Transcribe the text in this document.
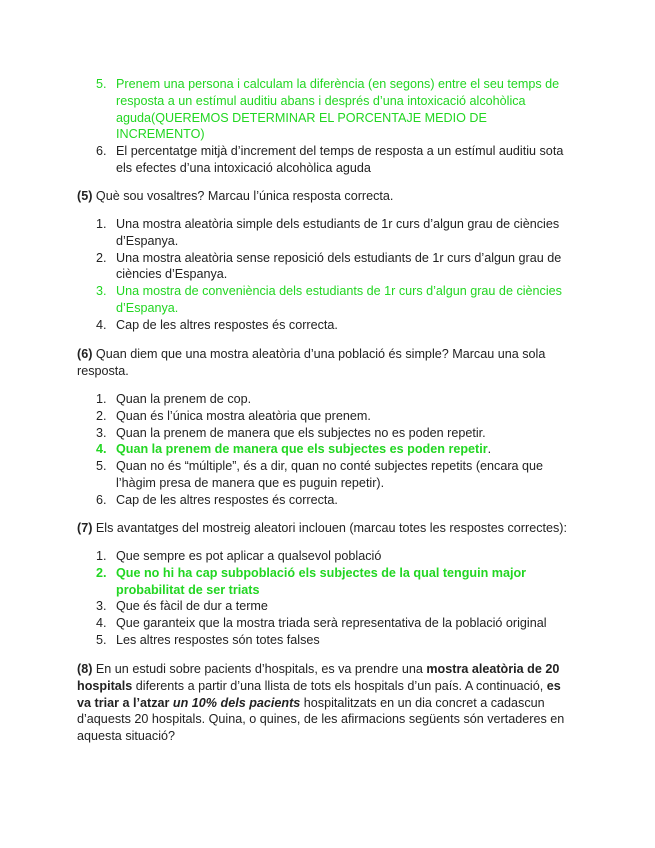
5. Prenem una persona i calculam la diferència (en segons) entre el seu temps de resposta a un estímul auditiu abans i després d’una intoxicació alcohòlica aguda(QUEREMOS DETERMINAR EL PORCENTAJE MEDIO DE INCREMENTO)
6. El percentatge mitjà d’increment del temps de resposta a un estímul auditiu sota els efectes d’una intoxicació alcohòlica aguda
(5) Què sou vosaltres? Marcau l’única resposta correcta.
1. Una mostra aleatòria simple dels estudiants de 1r curs d’algun grau de ciències d’Espanya.
2. Una mostra aleatòria sense reposició dels estudiants de 1r curs d’algun grau de ciències d’Espanya.
3. Una mostra de conveniència dels estudiants de 1r curs d’algun grau de ciències d’Espanya.
4. Cap de les altres respostes és correcta.
(6) Quan diem que una mostra aleatòria d’una població és simple? Marcau una sola resposta.
1. Quan la prenem de cop.
2. Quan és l’única mostra aleatòria que prenem.
3. Quan la prenem de manera que els subjectes no es poden repetir.
4. Quan la prenem de manera que els subjectes es poden repetir.
5. Quan no és “múltiple”, és a dir, quan no conté subjectes repetits (encara que l’hàgim presa de manera que es puguin repetir).
6. Cap de les altres respostes és correcta.
(7) Els avantatges del mostreig aleatori inclouen (marcau totes les respostes correctes):
1. Que sempre es pot aplicar a qualsevol població
2. Que no hi ha cap subpoblació els subjectes de la qual tenguin major probabilitat de ser triats
3. Que és fàcil de dur a terme
4. Que garanteix que la mostra triada serà representativa de la població original
5. Les altres respostes són totes falses
(8) En un estudi sobre pacients d’hospitals, es va prendre una mostra aleatòria de 20 hospitals diferents a partir d’una llista de tots els hospitals d’un país. A continuació, es va triar a l’atzar un 10% dels pacients hospitalitzats en un dia concret a cadascun d’aquests 20 hospitals. Quina, o quines, de les afirmacions següents són vertaderes en aquesta situació?
